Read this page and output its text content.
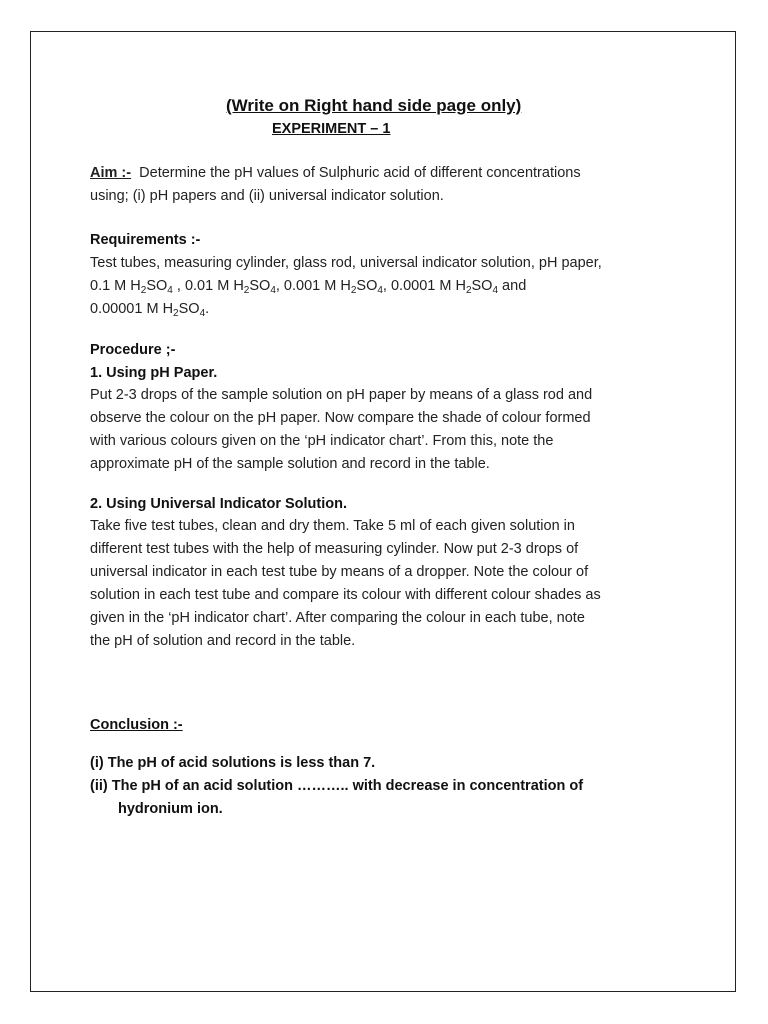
(Write on Right hand side page only)
EXPERIMENT – 1
Aim :- Determine the pH values of Sulphuric acid of different concentrations
using; (i) pH papers and (ii) universal indicator solution.
Requirements :-
Test tubes, measuring cylinder, glass rod, universal indicator solution, pH paper,
0.1 M $H_2SO_4$ , 0.01 M $H_2SO_4$, 0.001 M $H_2SO_4$, 0.0001 M $H_2SO_4$ and
0.00001 M $H_2SO_4$.
Procedure ;-
1. Using pH Paper.
Put 2-3 drops of the sample solution on pH paper by means of a glass rod and
observe the colour on the pH paper. Now compare the shade of colour formed
with various colours given on the ‘pH indicator chart’. From this, note the
approximate pH of the sample solution and record in the table.
2. Using Universal Indicator Solution.
Take five test tubes, clean and dry them. Take 5 ml of each given solution in
different test tubes with the help of measuring cylinder. Now put 2-3 drops of
universal indicator in each test tube by means of a dropper. Note the colour of
solution in each test tube and compare its colour with different colour shades as
given in the ‘pH indicator chart’. After comparing the colour in each tube, note
the pH of solution and record in the table.
Conclusion :-
(i) The pH of acid solutions is less than 7.
(ii) The pH of an acid solution ……….. with decrease in concentration of
hydronium ion.
